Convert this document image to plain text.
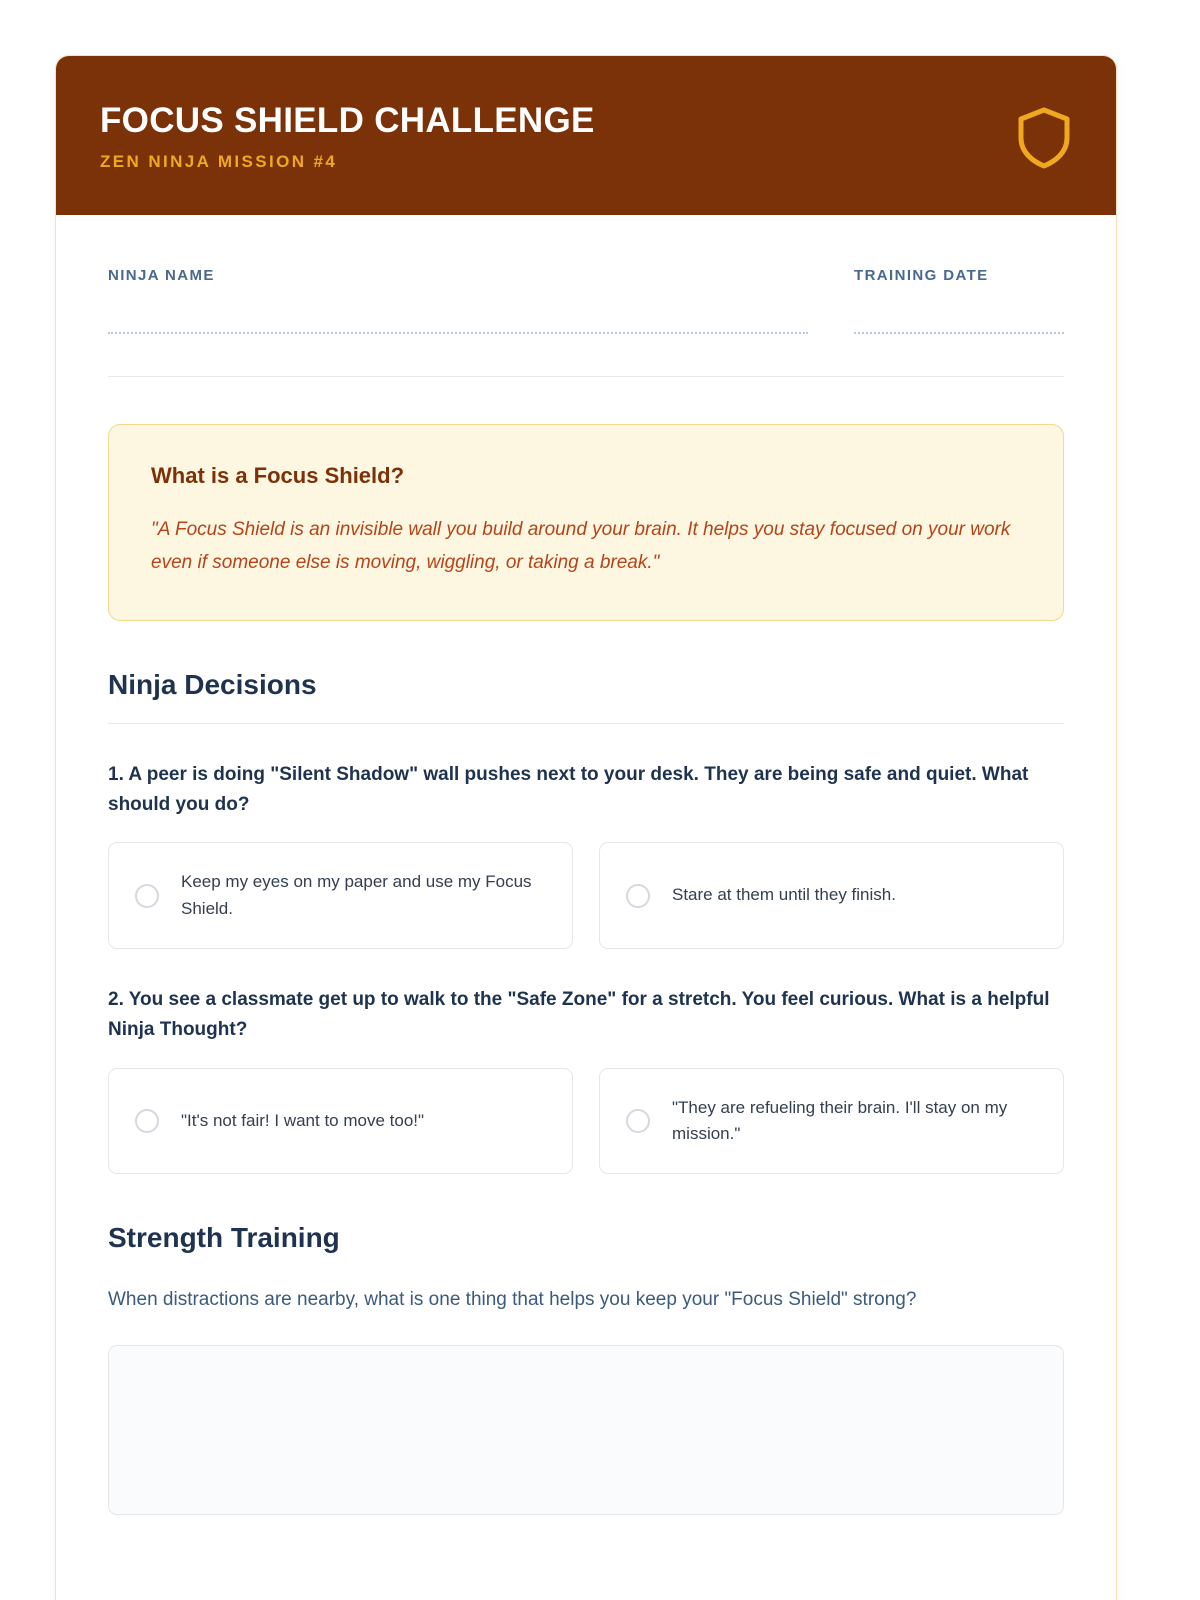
FOCUS SHIELD CHALLENGE
ZEN NINJA MISSION #4
NINJA NAME	TRAINING DATE
What is a Focus Shield?
"A Focus Shield is an invisible wall you build around your brain. It helps you stay focused on your work even if someone else is moving, wiggling, or taking a break."
Ninja Decisions
1. A peer is doing "Silent Shadow" wall pushes next to your desk. They are being safe and quiet. What should you do?
Keep my eyes on my paper and use my Focus Shield.
Stare at them until they finish.
2. You see a classmate get up to walk to the "Safe Zone" for a stretch. You feel curious. What is a helpful Ninja Thought?
"It's not fair! I want to move too!"
"They are refueling their brain. I'll stay on my mission."
Strength Training
When distractions are nearby, what is one thing that helps you keep your "Focus Shield" strong?
